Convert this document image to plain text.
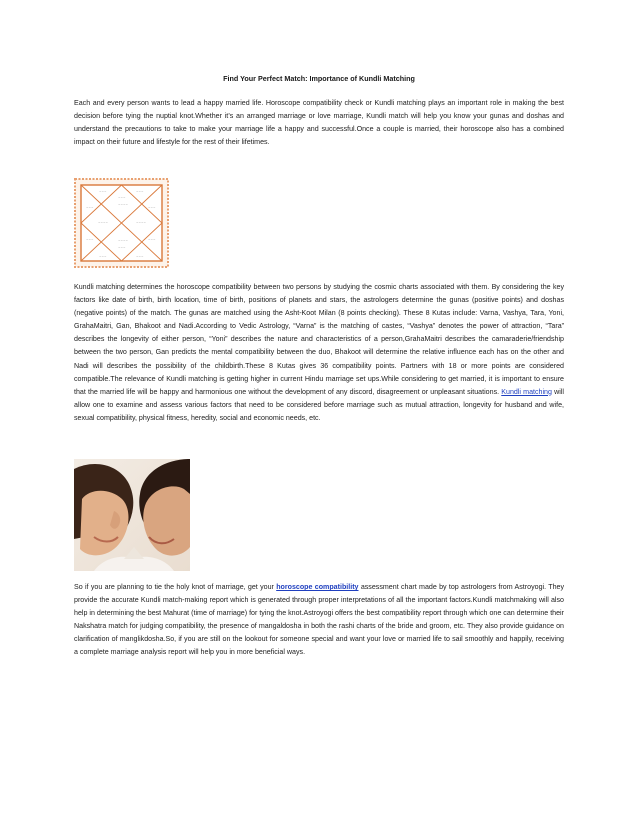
Find Your Perfect Match: Importance of Kundli Matching

Each and every person wants to lead a happy married life. Horoscope compatibility check or Kundli matching plays an important role in making the best decision before tying the nuptial knot.Whether it’s an arranged marriage or love marriage, Kundli match will help you know your gunas and doshas and understand the precautions to take to make your marriage life a happy and successful.Once a couple is married, their horoscope also has a combined impact on their future and lifestyle for the rest of their lifetimes.

~~~
~~~~
~~~	~~~
~~~	~~~
~~~~	~~~~
~~~	~~~
~~~~
~~~
~~~	~~~

Kundli matching determines the horoscope compatibility between two persons by studying the cosmic charts associated with them. By considering the key factors like date of birth, birth location, time of birth, positions of planets and stars, the astrologers determine the gunas (positive points) and doshas (negative points) of the match. The gunas are matched using the Asht-Koot Milan (8 points checking). These 8 Kutas include: Varna, Vashya, Tara, Yoni, GrahaMaitri, Gan, Bhakoot and Nadi.According to Vedic Astrology, “Varna” is the matching of castes, “Vashya” denotes the power of attraction, “Tara” describes the longevity of either person, “Yoni” describes the nature and characteristics of a person,GrahaMaitri describes the camaraderie/friendship between the two person, Gan predicts the mental compatibility between the duo, Bhakoot will determine the relative influence each has on the other and Nadi will describes the possibility of the childbirth.These 8 Kutas gives 36 compatibility points. Partners with 18 or more points are considered compatible.The relevance of Kundli matching is getting higher in current Hindu marriage set ups.While considering to get married, it is important to ensure that the married life will be happy and harmonious one without the development of any discord, disagreement or unpleasant situations. Kundli matching will allow one to examine and assess various factors that need to be considered before marriage such as mutual attraction, longevity for husband and wife, sexual compatibility, physical fitness, heredity, social and economic needs, etc.

So if you are planning to tie the holy knot of marriage, get your horoscope compatibility assessment chart made by top astrologers from Astroyogi. They provide the accurate Kundli match-making report which is generated through proper interpretations of all the important factors.Kundli matchmaking will also help in determining the best Mahurat (time of marriage) for tying the knot.Astroyogi offers the best compatibility report through which one can determine their Nakshatra match for judging compatibility, the presence of mangaldosha in both the rashi charts of the bride and groom, etc. They also provide guidance on clarification of manglikdosha.So, if you are still on the lookout for someone special and want your love or married life to sail smoothly and happily, receiving a complete marriage analysis report will help you in more beneficial ways.
